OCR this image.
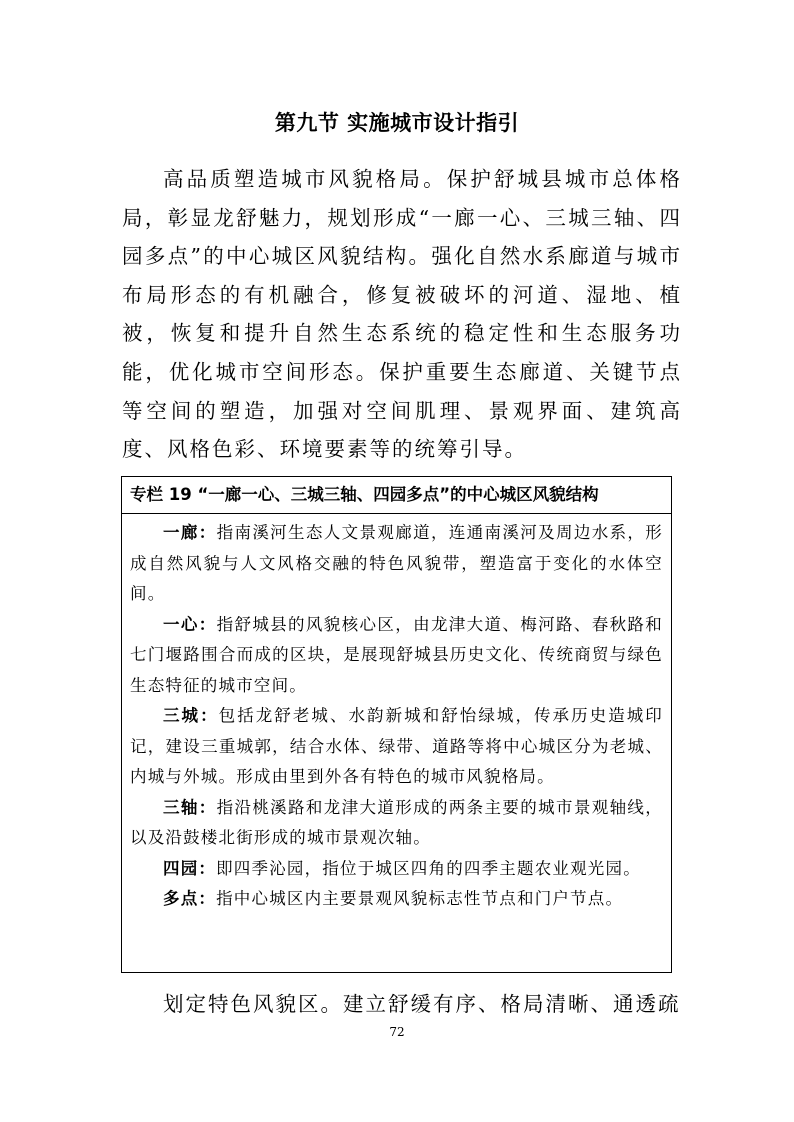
第九节 实施城市设计指引

高品质塑造城市风貌格局。保护舒城县城市总体格局，彰显龙舒魅力，规划形成“一廊一心、三城三轴、四园多点”的中心城区风貌结构。强化自然水系廊道与城市布局形态的有机融合，修复被破坏的河道、湿地、植被，恢复和提升自然生态系统的稳定性和生态服务功能，优化城市空间形态。保护重要生态廊道、关键节点等空间的塑造，加强对空间肌理、景观界面、建筑高度、风格色彩、环境要素等的统筹引导。

专栏 19 “一廊一心、三城三轴、四园多点”的中心城区风貌结构

一廊：指南溪河生态人文景观廊道，连通南溪河及周边水系，形成自然风貌与人文风格交融的特色风貌带，塑造富于变化的水体空间。

一心：指舒城县的风貌核心区，由龙津大道、梅河路、春秋路和七门堰路围合而成的区块，是展现舒城县历史文化、传统商贸与绿色生态特征的城市空间。

三城：包括龙舒老城、水韵新城和舒怡绿城，传承历史造城印记，建设三重城郭，结合水体、绿带、道路等将中心城区分为老城、内城与外城。形成由里到外各有特色的城市风貌格局。

三轴：指沿桃溪路和龙津大道形成的两条主要的城市景观轴线，以及沿鼓楼北街形成的城市景观次轴。

四园：即四季沁园，指位于城区四角的四季主题农业观光园。

多点：指中心城区内主要景观风貌标志性节点和门户节点。

划定特色风貌区。建立舒缓有序、格局清晰、通透疏

72
